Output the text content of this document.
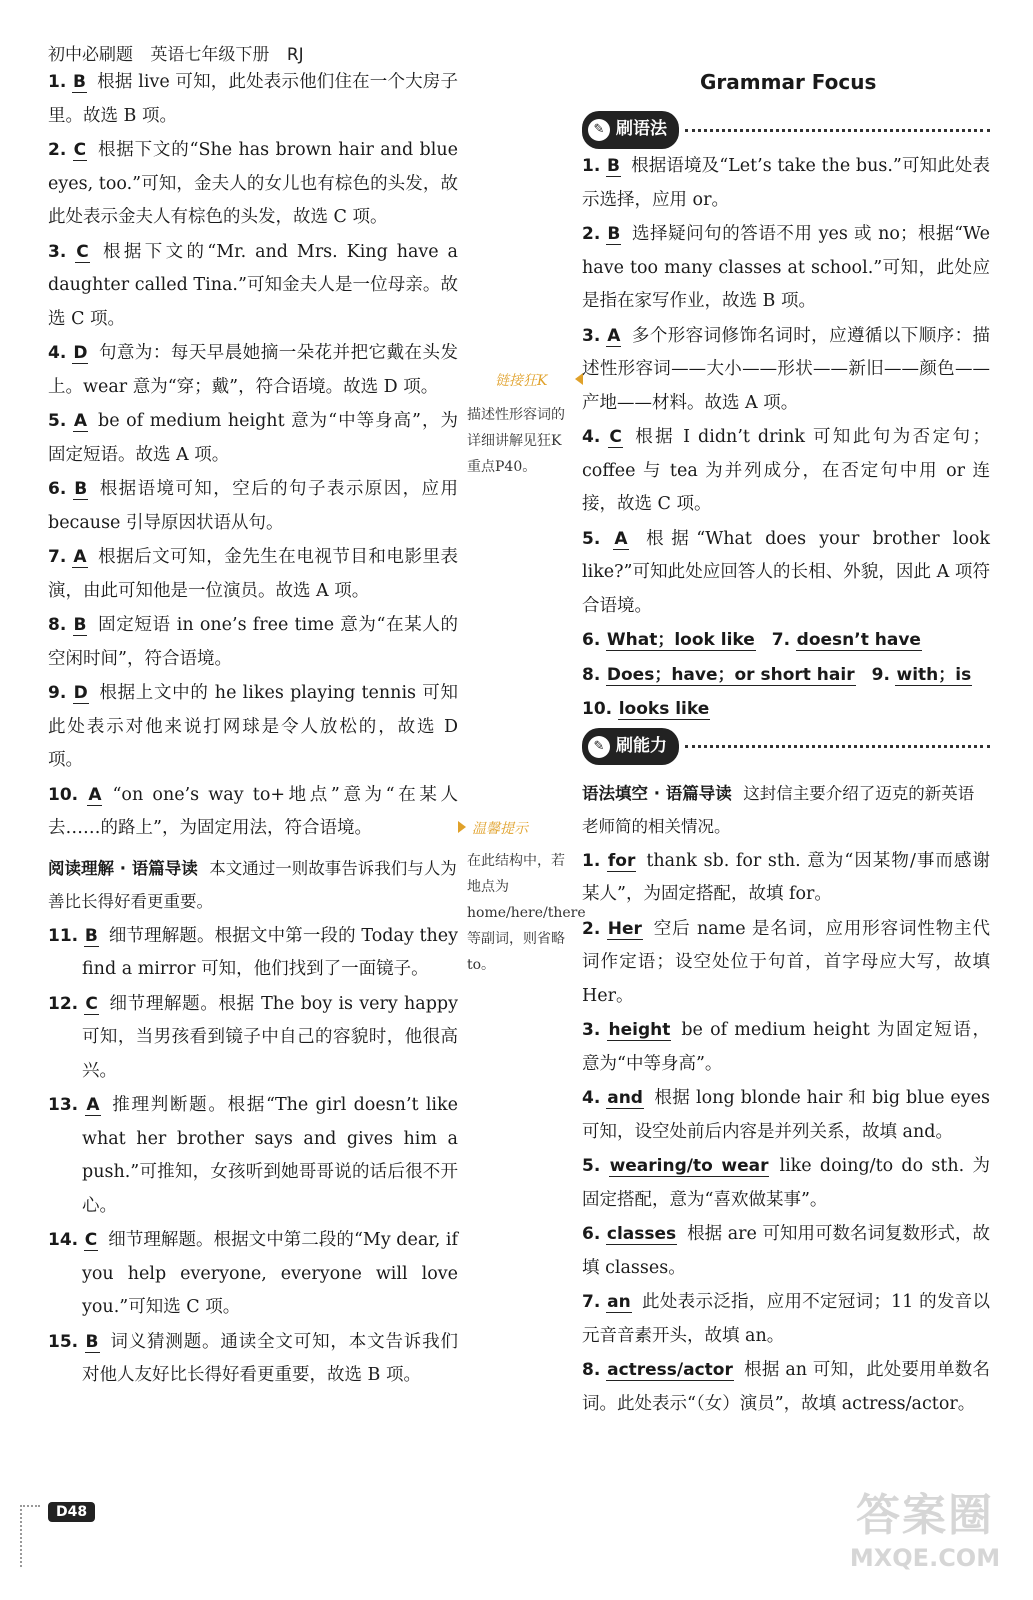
初中必刷题 英语七年级下册 RJ
1. B 根据 live 可知，此处表示他们住在一个大房子里。故选 B 项。
2. C 根据下文的“She has brown hair and blue eyes, too.”可知，金夫人的女儿也有棕色的头发，故此处表示金夫人有棕色的头发，故选 C 项。
3. C 根据下文的“Mr. and Mrs. King have a daughter called Tina.”可知金夫人是一位母亲。故选 C 项。
4. D 句意为：每天早晨她摘一朵花并把它戴在头发上。wear 意为“穿；戴”，符合语境。故选 D 项。
5. A be of medium height 意为“中等身高”，为固定短语。故选 A 项。
6. B 根据语境可知，空后的句子表示原因，应用 because 引导原因状语从句。
7. A 根据后文可知，金先生在电视节目和电影里表演，由此可知他是一位演员。故选 A 项。
8. B 固定短语 in one’s free time 意为“在某人的空闲时间”，符合语境。
9. D 根据上文中的 he likes playing tennis 可知此处表示对他来说打网球是令人放松的，故选 D 项。
10. A “on one’s way to+地点”意为“在某人去……的路上”，为固定用法，符合语境。
阅读理解 · 语篇导读 本文通过一则故事告诉我们与人为善比长得好看更重要。
11. B 细节理解题。根据文中第一段的 Today they find a mirror 可知，他们找到了一面镜子。
12. C 细节理解题。根据 The boy is very happy 可知，当男孩看到镜子中自己的容貌时，他很高兴。
13. A 推理判断题。根据“The girl doesn’t like what her brother says and gives him a push.”可推知，女孩听到她哥哥说的话后很不开心。
14. C 细节理解题。根据文中第二段的“My dear, if you help everyone, everyone will love you.”可知选 C 项。
15. B 词义猜测题。通读全文可知，本文告诉我们对他人友好比长得好看更重要，故选 B 项。
链接狂K
描述性形容词的详细讲解见狂K重点P40。
温馨提示
在此结构中，若地点为 home/here/there 等副词，则省略 to。
Grammar Focus
✎ 刷语法
1. B 根据语境及“Let’s take the bus.”可知此处表示选择，应用 or。
2. B 选择疑问句的答语不用 yes 或 no；根据“We have too many classes at school.”可知，此处应是指在家写作业，故选 B 项。
3. A 多个形容词修饰名词时，应遵循以下顺序：描述性形容词——大小——形状——新旧——颜色——产地——材料。故选 A 项。
4. C 根据 I didn’t drink 可知此句为否定句；coffee 与 tea 为并列成分，在否定句中用 or 连接，故选 C 项。
5. A 根据“What does your brother look like?”可知此处应回答人的长相、外貌，因此 A 项符合语境。
6. What；look like 7. doesn’t have
8. Does；have；or short hair 9. with；is
10. looks like
✎ 刷能力
语法填空 · 语篇导读 这封信主要介绍了迈克的新英语老师简的相关情况。
1. for thank sb. for sth. 意为“因某物/事而感谢某人”，为固定搭配，故填 for。
2. Her 空后 name 是名词，应用形容词性物主代词作定语；设空处位于句首，首字母应大写，故填 Her。
3. height be of medium height 为固定短语，意为“中等身高”。
4. and 根据 long blonde hair 和 big blue eyes 可知，设空处前后内容是并列关系，故填 and。
5. wearing/to wear like doing/to do sth. 为固定搭配，意为“喜欢做某事”。
6. classes 根据 are 可知用可数名词复数形式，故填 classes。
7. an 此处表示泛指，应用不定冠词；11 的发音以元音音素开头，故填 an。
8. actress/actor 根据 an 可知，此处要用单数名词。此处表示“（女）演员”，故填 actress/actor。
D48	答案圈
MXQE.COM
